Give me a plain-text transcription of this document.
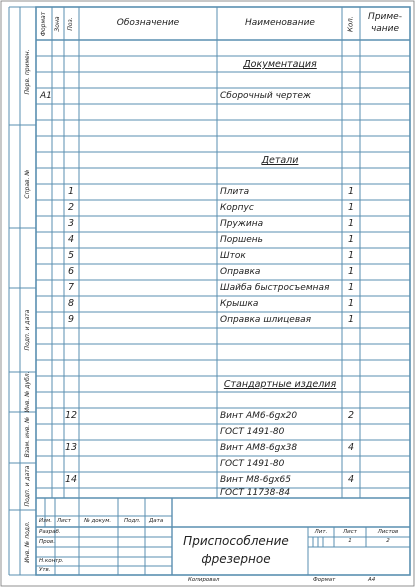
Формат Зона Поз.	Обозначение	Наименование	Кол. Приме-
чание
Документация
А1	Сборочный чертеж
Детали
1	Плита	1
2	Корпус	1
3	Пружина	1
4	Поршень	1
5	Шток	1
6	Оправка	1
7	Шайба быстросъемная 1
8	Крышка	1
9	Оправка шлицевая	1
Стандартные изделия
12	Винт АМ6-6gх20	2
ГОСТ 1491-80
13	Винт АМ8-6gх38	4
ГОСТ 1491-80
14	Винт М8-6gх65	4
ГОСТ 11738-84
Перв. примен.
Справ. №
Подп. и дата
Инв. № дубл.
Взам. инв. №
Подп. и дата
Инв. № подл.
Изм. Лист № докум. Подп. Дата
Разраб.
Пров.
Н.контр.
Утв.
Приспособление
фрезерное
Лит.	Лист	Листов
1	2
Копировал	Формат	А4
